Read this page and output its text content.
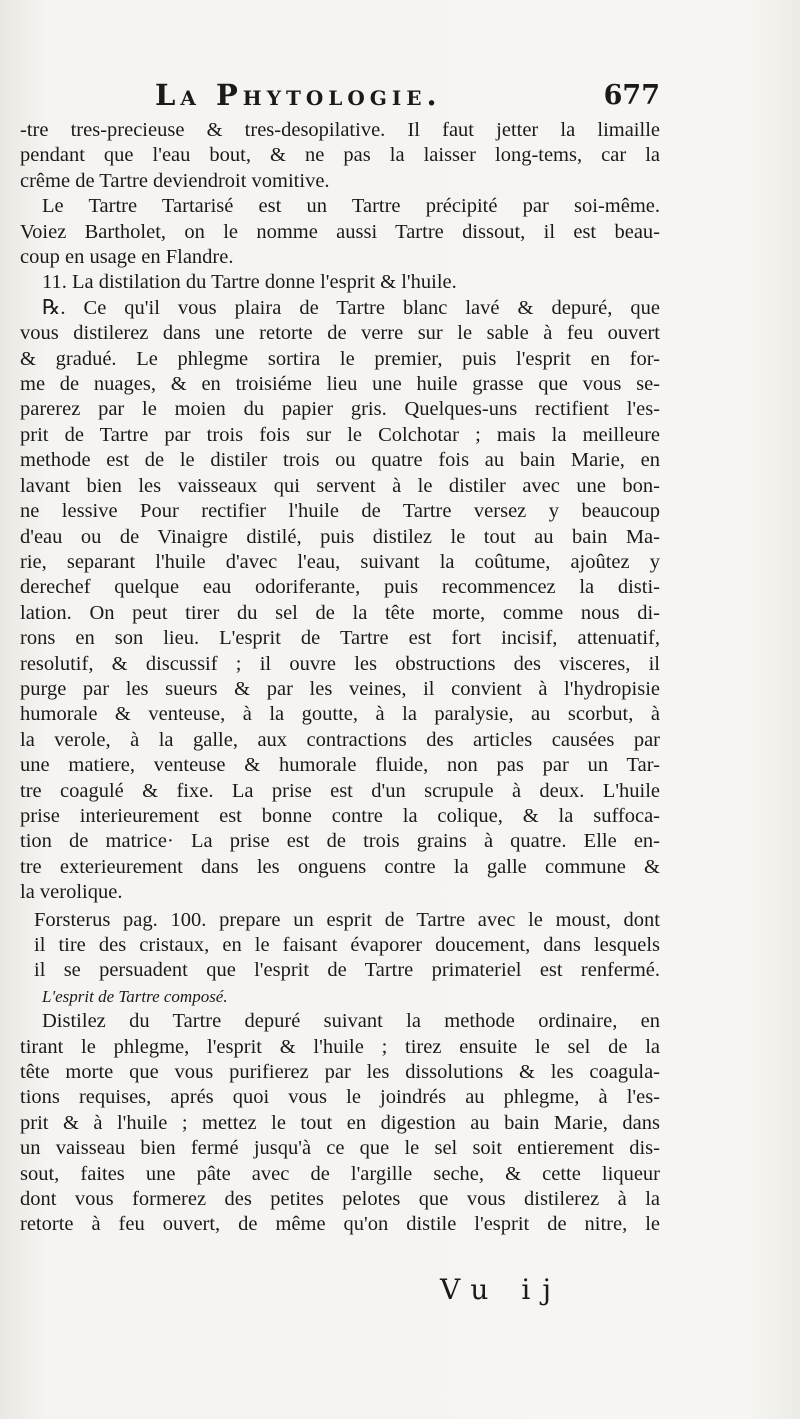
La Phytologie.	677
-tre tres-precieuse & tres-desopilative. Il faut jetter la limaille
pendant que l'eau bout, & ne pas la laisser long-tems, car la
crême de Tartre deviendroit vomitive.
Le Tartre Tartarisé est un Tartre précipité par soi-même.
Voiez Bartholet, on le nomme aussi Tartre dissout, il est beau-
coup en usage en Flandre.
11. La distilation du Tartre donne l'esprit & l'huile.
℞. Ce qu'il vous plaira de Tartre blanc lavé & depuré, que
vous distilerez dans une retorte de verre sur le sable à feu ouvert
& gradué. Le phlegme sortira le premier, puis l'esprit en for-
me de nuages, & en troisiéme lieu une huile grasse que vous se-
parerez par le moien du papier gris. Quelques-uns rectifient l'es-
prit de Tartre par trois fois sur le Colchotar ; mais la meilleure
methode est de le distiler trois ou quatre fois au bain Marie, en
lavant bien les vaisseaux qui servent à le distiler avec une bon-
ne lessive Pour rectifier l'huile de Tartre versez y beaucoup
d'eau ou de Vinaigre distilé, puis distilez le tout au bain Ma-
rie, separant l'huile d'avec l'eau, suivant la coûtume, ajoûtez y
derechef quelque eau odoriferante, puis recommencez la disti-
lation. On peut tirer du sel de la tête morte, comme nous di-
rons en son lieu. L'esprit de Tartre est fort incisif, attenuatif,
resolutif, & discussif ; il ouvre les obstructions des visceres, il
purge par les sueurs & par les veines, il convient à l'hydropisie
humorale & venteuse, à la goutte, à la paralysie, au scorbut, à
la verole, à la galle, aux contractions des articles causées par
une matiere, venteuse & humorale fluide, non pas par un Tar-
tre coagulé & fixe. La prise est d'un scrupule à deux. L'huile
prise interieurement est bonne contre la colique, & la suffoca-
tion de matrice· La prise est de trois grains à quatre. Elle en-
tre exterieurement dans les onguens contre la galle commune &
la verolique.
Forsterus pag. 100. prepare un esprit de Tartre avec le moust, dont
il tire des cristaux, en le faisant évaporer doucement, dans lesquels
il se persuadent que l'esprit de Tartre primateriel est renfermé.
L'esprit de Tartre composé.
Distilez du Tartre depuré suivant la methode ordinaire, en
tirant le phlegme, l'esprit & l'huile ; tirez ensuite le sel de la
tête morte que vous purifierez par les dissolutions & les coagula-
tions requises, aprés quoi vous le joindrés au phlegme, à l'es-
prit & à l'huile ; mettez le tout en digestion au bain Marie, dans
un vaisseau bien fermé jusqu'à ce que le sel soit entierement dis-
sout, faites une pâte avec de l'argille seche, & cette liqueur
dont vous formerez des petites pelotes que vous distilerez à la
retorte à feu ouvert, de même qu'on distile l'esprit de nitre, le
Vu ij
